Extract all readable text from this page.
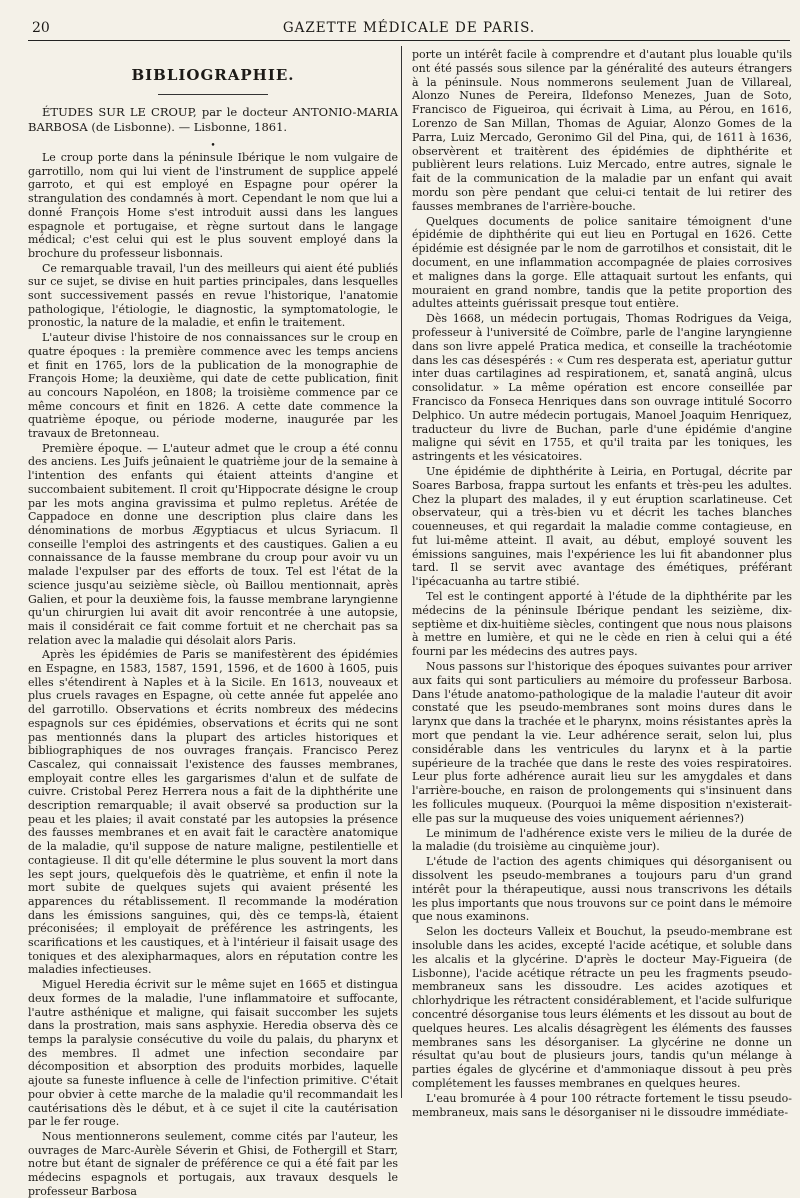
20	GAZETTE MÉDICALE DE PARIS.
BIBLIOGRAPHIE.
ÉTUDES SUR LE CROUP, par le docteur ANTONIO-MARIA BARBOSA (de Lisbonne). — Lisbonne, 1861.
•

Le croup porte dans la péninsule Ibérique le nom vulgaire de garrotillo, nom qui lui vient de l'instrument de supplice appelé garroto, et qui est employé en Espagne pour opérer la strangulation des condamnés à mort. Cependant le nom que lui a donné François Home s'est introduit aussi dans les langues espagnole et portugaise, et règne surtout dans le langage médical; c'est celui qui est le plus souvent employé dans la brochure du professeur lisbonnais.

Ce remarquable travail, l'un des meilleurs qui aient été publiés sur ce sujet, se divise en huit parties principales, dans lesquelles sont successivement passés en revue l'historique, l'anatomie pathologique, l'étiologie, le diagnostic, la symptomatologie, le pronostic, la nature de la maladie, et enfin le traitement.

L'auteur divise l'histoire de nos connaissances sur le croup en quatre époques : la première commence avec les temps anciens et finit en 1765, lors de la publication de la monographie de François Home; la deuxième, qui date de cette publication, finit au concours Napoléon, en 1808; la troisième commence par ce même concours et finit en 1826. A cette date commence la quatrième époque, ou période moderne, inaugurée par les travaux de Bretonneau.

Première époque. — L'auteur admet que le croup a été connu des anciens. Les Juifs jeûnaient le quatrième jour de la semaine à l'intention des enfants qui étaient atteints d'angine et succombaient subitement. Il croit qu'Hippocrate désigne le croup par les mots angina gravissima et pulmo repletus. Arétée de Cappadoce en donne une description plus claire dans les dénominations de morbus Ægyptiacus et ulcus Syriacum. Il conseille l'emploi des astringents et des caustiques. Galien a eu connaissance de la fausse membrane du croup pour avoir vu un malade l'expulser par des efforts de toux. Tel est l'état de la science jusqu'au seizième siècle, où Baillou mentionnait, après Galien, et pour la deuxième fois, la fausse membrane laryngienne qu'un chirurgien lui avait dit avoir rencontrée à une autopsie, mais il considérait ce fait comme fortuit et ne cherchait pas sa relation avec la maladie qui désolait alors Paris.

Après les épidémies de Paris se manifestèrent des épidémies en Espagne, en 1583, 1587, 1591, 1596, et de 1600 à 1605, puis elles s'étendirent à Naples et à la Sicile. En 1613, nouveaux et plus cruels ravages en Espagne, où cette année fut appelée ano del garrotillo. Observations et écrits nombreux des médecins espagnols sur ces épidémies, observations et écrits qui ne sont pas mentionnés dans la plupart des articles historiques et bibliographiques de nos ouvrages français. Francisco Perez Cascalez, qui connaissait l'existence des fausses membranes, employait contre elles les gargarismes d'alun et de sulfate de cuivre. Cristobal Perez Herrera nous a fait de la diphthérite une description remarquable; il avait observé sa production sur la peau et les plaies; il avait constaté par les autopsies la présence des fausses membranes et en avait fait le caractère anatomique de la maladie, qu'il suppose de nature maligne, pestilentielle et contagieuse. Il dit qu'elle détermine le plus souvent la mort dans les sept jours, quelquefois dès le quatrième, et enfin il note la mort subite de quelques sujets qui avaient présenté les apparences du rétablissement. Il recommande la modération dans les émissions sanguines, qui, dès ce temps-là, étaient préconisées; il employait de préférence les astringents, les scarifications et les caustiques, et à l'intérieur il faisait usage des toniques et des alexipharmaques, alors en réputation contre les maladies infectieuses.

Miguel Heredia écrivit sur le même sujet en 1665 et distingua deux formes de la maladie, l'une inflammatoire et suffocante, l'autre asthénique et maligne, qui faisait succomber les sujets dans la prostration, mais sans asphyxie. Heredia observa dès ce temps la paralysie consécutive du voile du palais, du pharynx et des membres. Il admet une infection secondaire par décomposition et absorption des produits morbides, laquelle ajoute sa funeste influence à celle de l'infection primitive. C'était pour obvier à cette marche de la maladie qu'il recommandait les cautérisations dès le début, et à ce sujet il cite la cautérisation par le fer rouge.

Nous mentionnerons seulement, comme cités par l'auteur, les ouvrages de Marc-Aurèle Séverin et Ghisi, de Fothergill et Starr, notre but étant de signaler de préférence ce qui a été fait par les médecins espagnols et portugais, aux travaux desquels le professeur Barbosa

porte un intérêt facile à comprendre et d'autant plus louable qu'ils ont été passés sous silence par la généralité des auteurs étrangers à la péninsule. Nous nommerons seulement Juan de Villareal, Alonzo Nunes de Pereira, Ildefonso Menezes, Juan de Soto, Francisco de Figueiroa, qui écrivait à Lima, au Pérou, en 1616, Lorenzo de San Millan, Thomas de Aguiar, Alonzo Gomes de la Parra, Luiz Mercado, Geronimo Gil del Pina, qui, de 1611 à 1636, observèrent et traitèrent des épidémies de diphthérite et publièrent leurs relations. Luiz Mercado, entre autres, signale le fait de la communication de la maladie par un enfant qui avait mordu son père pendant que celui-ci tentait de lui retirer des fausses membranes de l'arrière-bouche.

Quelques documents de police sanitaire témoignent d'une épidémie de diphthérite qui eut lieu en Portugal en 1626. Cette épidémie est désignée par le nom de garrotilhos et consistait, dit le document, en une inflammation accompagnée de plaies corrosives et malignes dans la gorge. Elle attaquait surtout les enfants, qui mouraient en grand nombre, tandis que la petite proportion des adultes atteints guérissait presque tout entière.

Dès 1668, un médecin portugais, Thomas Rodrigues da Veiga, professeur à l'université de Coïmbre, parle de l'angine laryngienne dans son livre appelé Pratica medica, et conseille la trachéotomie dans les cas désespérés : « Cum res desperata est, aperiatur guttur inter duas cartilagines ad respirationem, et, sanatâ anginâ, ulcus consolidatur. » La même opération est encore conseillée par Francisco da Fonseca Henriques dans son ouvrage intitulé Socorro Delphico. Un autre médecin portugais, Manoel Joaquim Henriquez, traducteur du livre de Buchan, parle d'une épidémie d'angine maligne qui sévit en 1755, et qu'il traita par les toniques, les astringents et les vésicatoires.

Une épidémie de diphthérite à Leiria, en Portugal, décrite par Soares Barbosa, frappa surtout les enfants et très-peu les adultes. Chez la plupart des malades, il y eut éruption scarlatineuse. Cet observateur, qui a très-bien vu et décrit les taches blanches couenneuses, et qui regardait la maladie comme contagieuse, en fut lui-même atteint. Il avait, au début, employé souvent les émissions sanguines, mais l'expérience les lui fit abandonner plus tard. Il se servit avec avantage des émétiques, préférant l'ipécacuanha au tartre stibié.

Tel est le contingent apporté à l'étude de la diphthérite par les médecins de la péninsule Ibérique pendant les seizième, dix-septième et dix-huitième siècles, contingent que nous nous plaisons à mettre en lumière, et qui ne le cède en rien à celui qui a été fourni par les médecins des autres pays.

Nous passons sur l'historique des époques suivantes pour arriver aux faits qui sont particuliers au mémoire du professeur Barbosa. Dans l'étude anatomo-pathologique de la maladie l'auteur dit avoir constaté que les pseudo-membranes sont moins dures dans le larynx que dans la trachée et le pharynx, moins résistantes après la mort que pendant la vie. Leur adhérence serait, selon lui, plus considérable dans les ventricules du larynx et à la partie supérieure de la trachée que dans le reste des voies respiratoires. Leur plus forte adhérence aurait lieu sur les amygdales et dans l'arrière-bouche, en raison de prolongements qui s'insinuent dans les follicules muqueux. (Pourquoi la même disposition n'existerait-elle pas sur la muqueuse des voies uniquement aériennes?)

Le minimum de l'adhérence existe vers le milieu de la durée de la maladie (du troisième au cinquième jour).

L'étude de l'action des agents chimiques qui désorganisent ou dissolvent les pseudo-membranes a toujours paru d'un grand intérêt pour la thérapeutique, aussi nous transcrivons les détails les plus importants que nous trouvons sur ce point dans le mémoire que nous examinons.

Selon les docteurs Valleix et Bouchut, la pseudo-membrane est insoluble dans les acides, excepté l'acide acétique, et soluble dans les alcalis et la glycérine. D'après le docteur May-Figueira (de Lisbonne), l'acide acétique rétracte un peu les fragments pseudo-membraneux sans les dissoudre. Les acides azotiques et chlorhydrique les rétractent considérablement, et l'acide sulfurique concentré désorganise tous leurs éléments et les dissout au bout de quelques heures. Les alcalis désagrègent les éléments des fausses membranes sans les désorganiser. La glycérine ne donne un résultat qu'au bout de plusieurs jours, tandis qu'un mélange à parties égales de glycérine et d'ammoniaque dissout à peu près complétement les fausses membranes en quelques heures.

L'eau bromurée à 4 pour 100 rétracte fortement le tissu pseudo-membraneux, mais sans le désorganiser ni le dissoudre immédiate-
